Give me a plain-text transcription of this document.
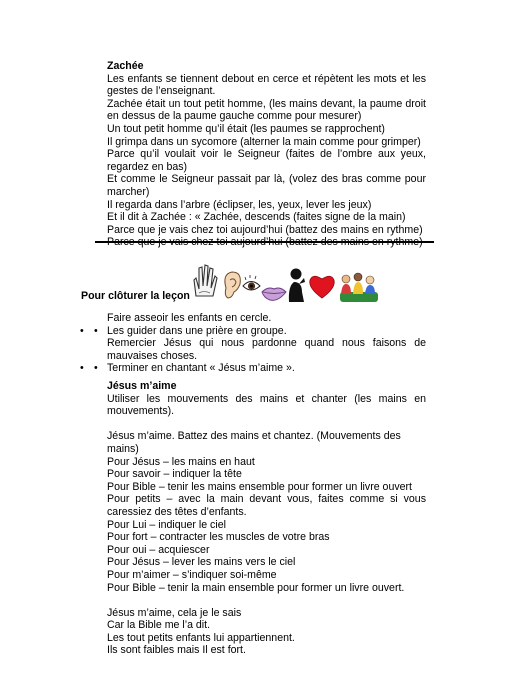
Zachée
Les enfants se tiennent debout en cerce et répètent les mots et les gestes de l’enseignant.
Zachée était un tout petit homme, (les mains devant, la paume droit en dessus de la paume gauche comme pour mesurer)
Un tout petit homme qu’il était (les paumes se rapprochent)
Il grimpa dans un sycomore (alterner la main comme pour grimper)
Parce qu’il voulait voir le Seigneur (faites de l’ombre aux yeux, regardez en bas)
Et comme le Seigneur passait par là, (volez des bras comme pour marcher)
Il regarda dans l’arbre (éclipser, les, yeux, lever les jeux)
Et il dit à Zachée : « Zachée, descends (faites signe de la main)
Parce que je vais chez toi aujourd’hui (battez des mains en rythme)
Pour clôturer la leçon
Faire asseoir les enfants en cercle.
• • Les guider dans une prière en groupe.
Remercier Jésus qui nous pardonne quand nous faisons de mauvaises choses.
• • Terminer en chantant « Jésus m’aime ».
Jésus m’aime
Utiliser les mouvements des mains et chanter (les mains en mouvements).
Jésus m’aime. Battez des mains et chantez. (Mouvements des mains)
Pour Jésus – les mains en haut
Pour savoir – indiquer la tête
Pour Bible – tenir les mains ensemble pour former un livre ouvert
Pour petits – avec la main devant vous, faites comme si vous caressiez des têtes d’enfants.
Pour Lui – indiquer le ciel
Pour fort – contracter les muscles de votre bras
Pour oui – acquiescer
Pour Jésus – lever les mains vers le ciel
Pour m’aimer – s’indiquer soi-même
Pour Bible – tenir la main ensemble pour former un livre ouvert.
Jésus m’aime, cela je le sais
Car la Bible me l’a dit.
Les tout petits enfants lui appartiennent.
Ils sont faibles mais Il est fort.
